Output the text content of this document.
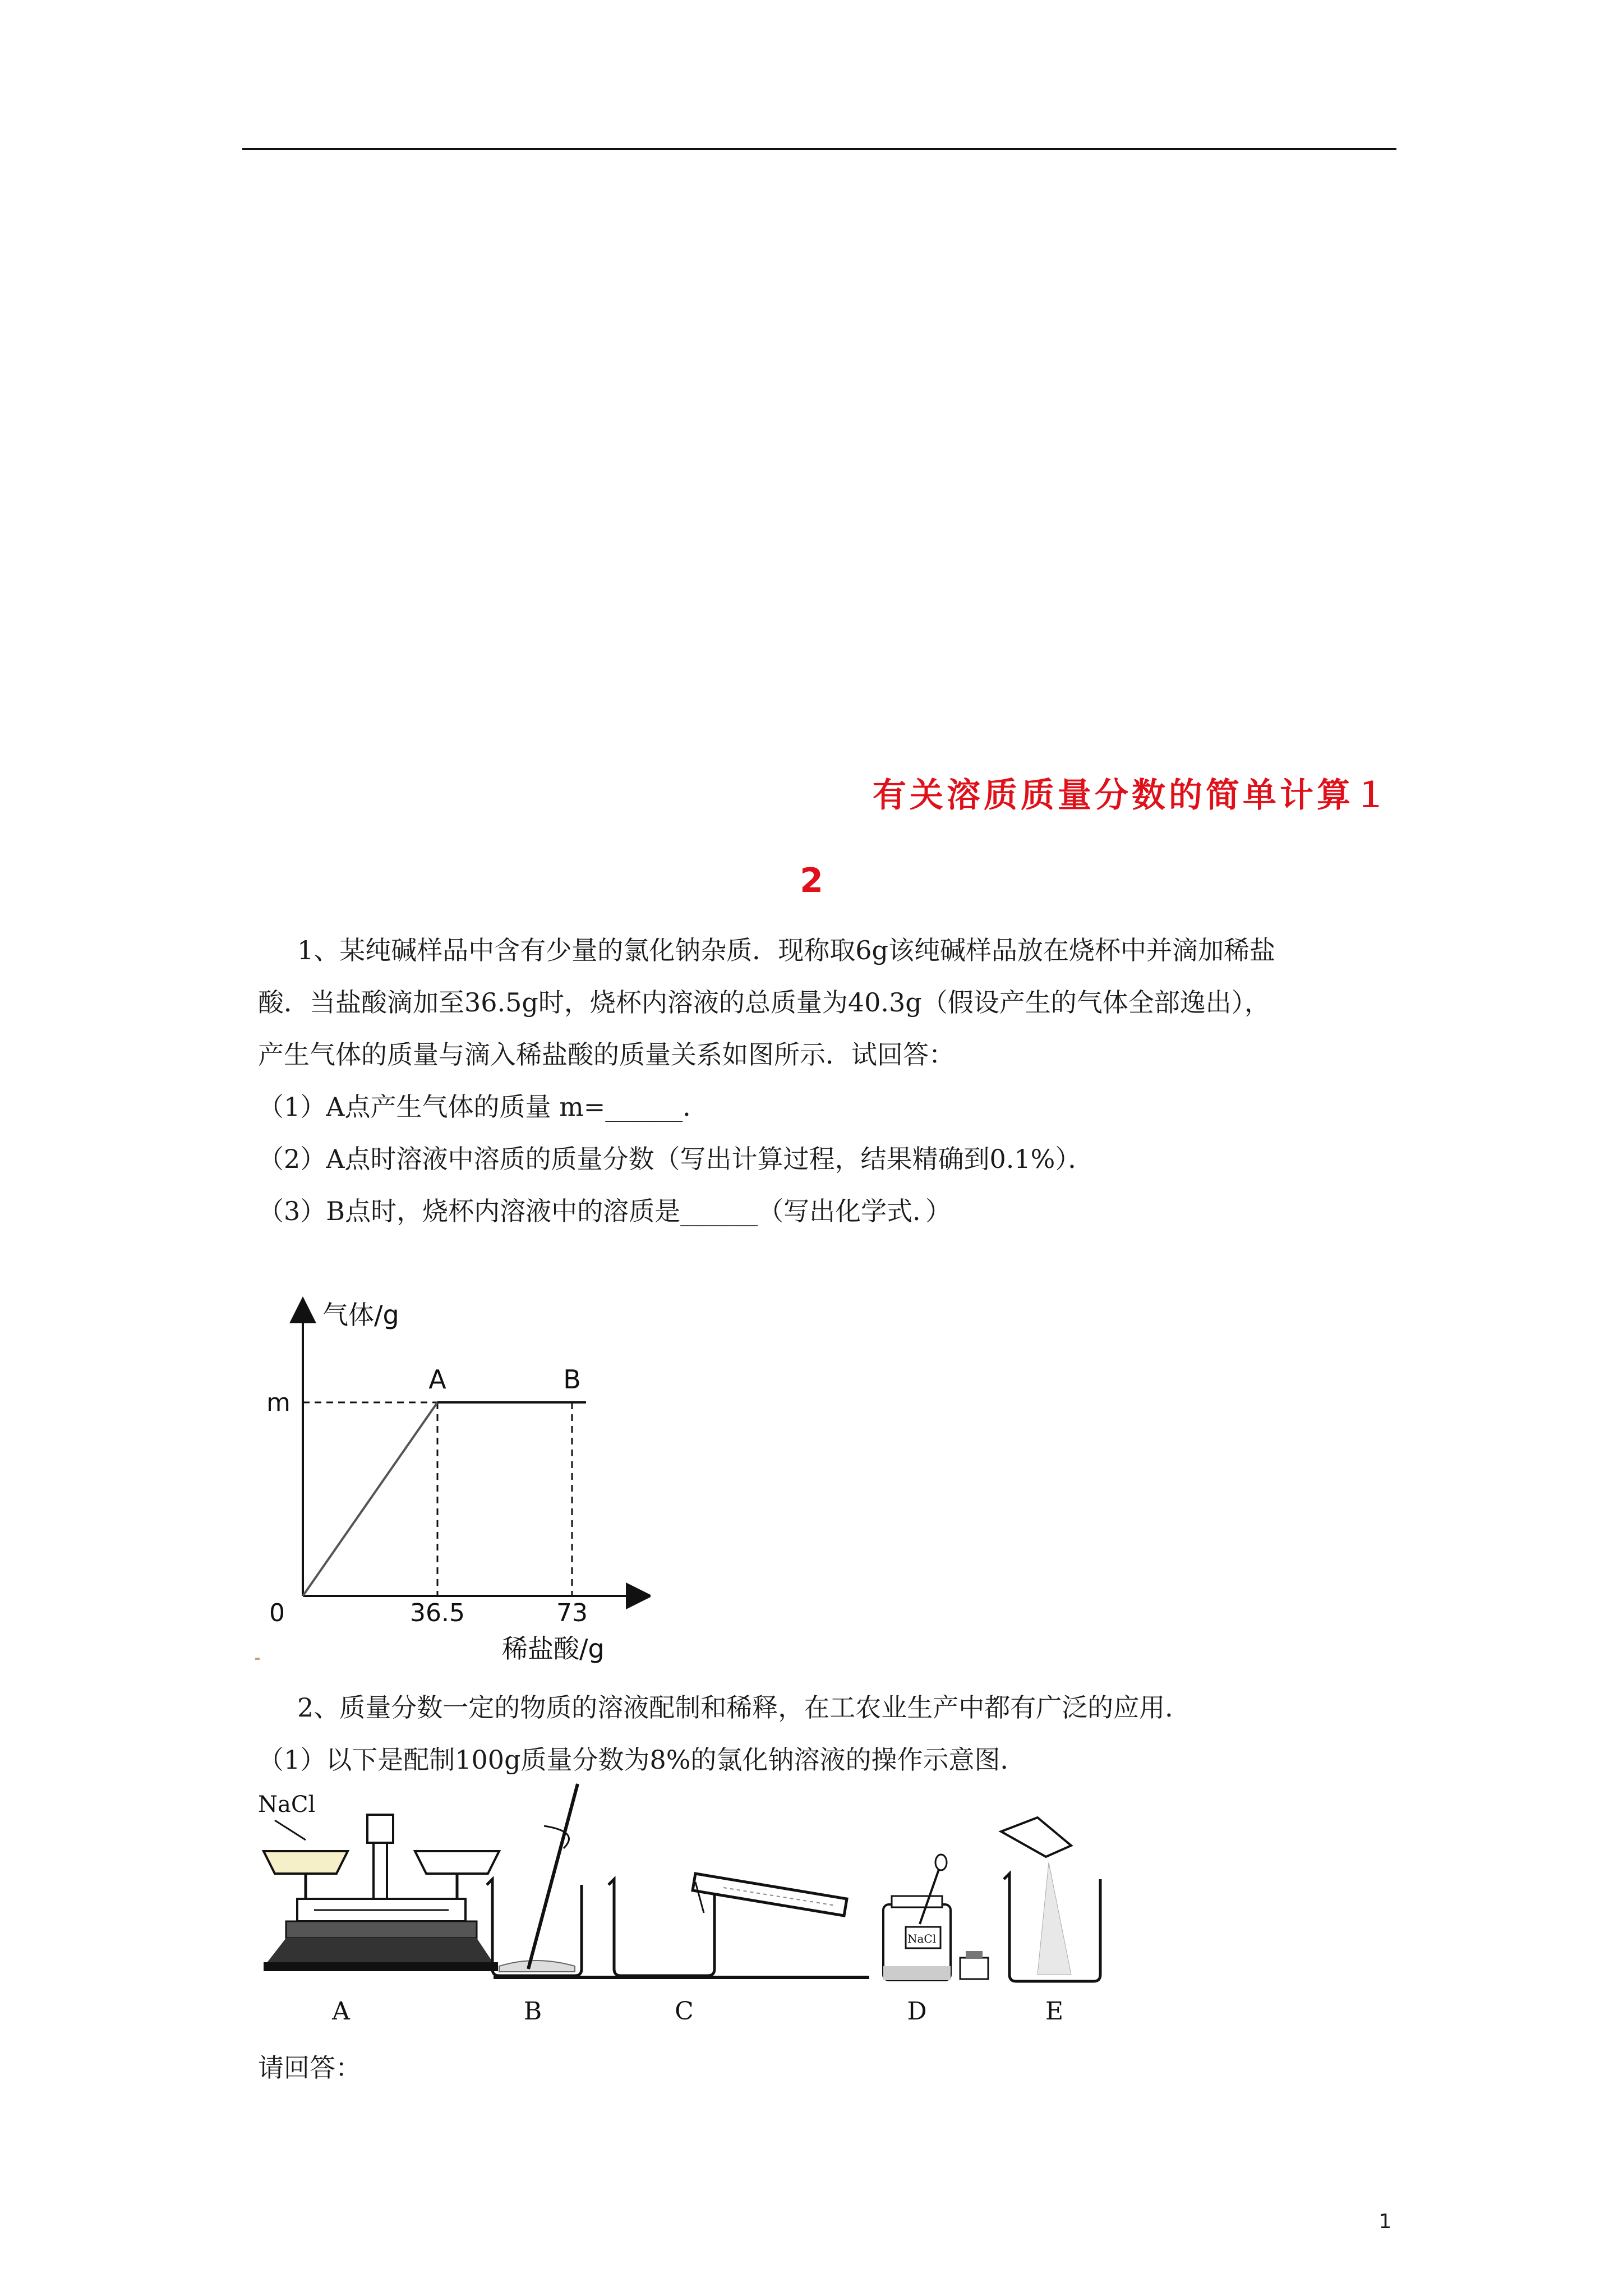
有关溶质质量分数的简单计算１
2
1、某纯碱样品中含有少量的氯化钠杂质．现称取6g该纯碱样品放在烧杯中并滴加稀盐
酸．当盐酸滴加至36.5g时，烧杯内溶液的总质量为40.3g（假设产生的气体全部逸出），
产生气体的质量与滴入稀盐酸的质量关系如图所示．试回答：
（1）A点产生气体的质量 m=______．
（2）A点时溶液中溶质的质量分数（写出计算过程，结果精确到0.1%）．
（3）B点时，烧杯内溶液中的溶质是______（写出化学式．）
气体/g
A	B
m
0	36.5	73
稀盐酸/g
2、质量分数一定的物质的溶液配制和稀释，在工农业生产中都有广泛的应用．
（1）以下是配制100g质量分数为8%的氯化钠溶液的操作示意图．
NaCl
NaCl
A	B	C	D	E
请回答：
1
